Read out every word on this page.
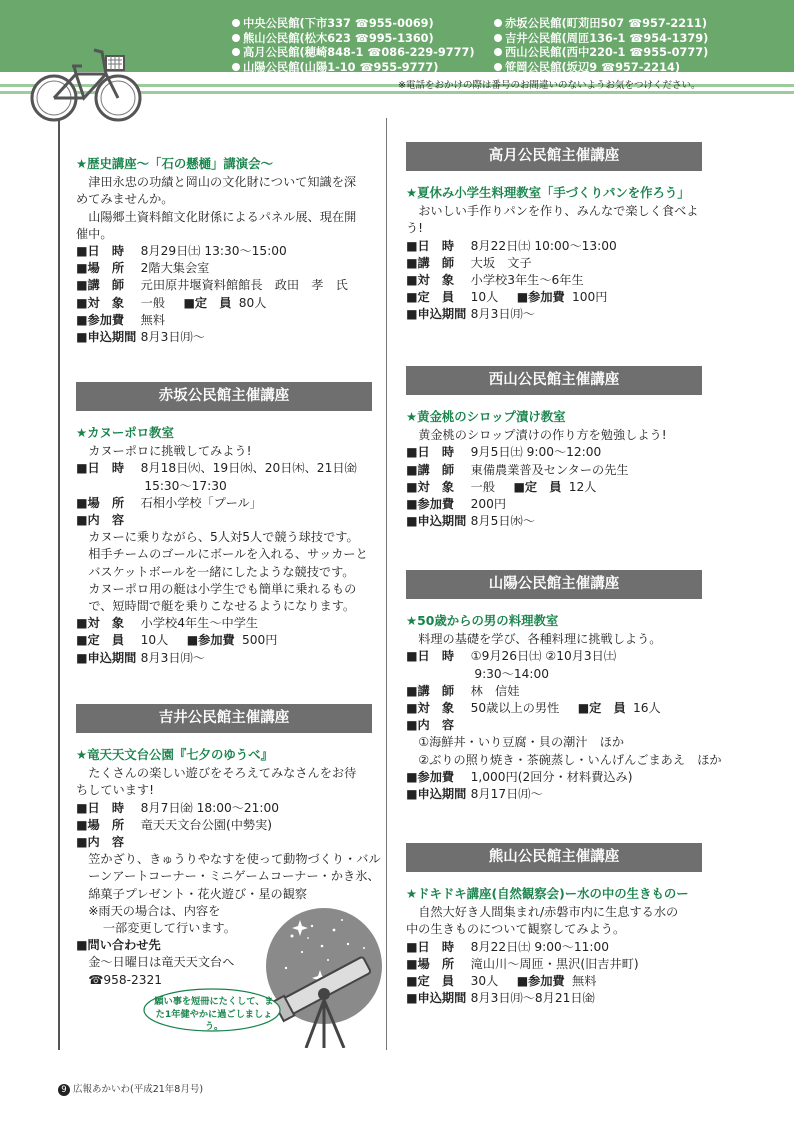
中央公民館(下市337 ☎955-0069)
熊山公民館(松木623 ☎995-1360)
高月公民館(穂崎848-1 ☎086-229-9777)
山陽公民館(山陽1-10 ☎955-9777)
赤坂公民館(町苅田507 ☎957-2211)
吉井公民館(周匝136-1 ☎954-1379)
西山公民館(西中220-1 ☎955-0777)
笹岡公民館(坂辺9 ☎957-2214)
※電話をおかけの際は番号のお間違いのないようお気をつけください。
★歴史講座～「石の懸樋」講演会～
津田永忠の功績と岡山の文化財について知識を深
めてみませんか。
山陽郷土資料館文化財係によるパネル展、現在開
催中。
■日　時 8月29日㈯ 13:30～15:00
■場　所 2階大集会室
■講　師 元田原井堰資料館館長　政田　孝　氏
■対　象 一般 ■定　員 80人
■参加費 無料
■申込期間 8月3日㈪～
赤坂公民館主催講座
★カヌーポロ教室
カヌーポロに挑戦してみよう!
■日　時 8月18日㈫、19日㈬、20日㈭、21日㈮
15:30～17:30
■場　所 石相小学校「プール」
■内　容
カヌーに乗りながら、5人対5人で競う球技です。
相手チームのゴールにボールを入れる、サッカーと
バスケットボールを一緒にしたような競技です。
カヌーポロ用の艇は小学生でも簡単に乗れるもの
で、短時間で艇を乗りこなせるようになります。
■対　象 小学校4年生～中学生
■定　員 10人 ■参加費 500円
■申込期間 8月3日㈪～
吉井公民館主催講座
★竜天天文台公園『七夕のゆうべ』
たくさんの楽しい遊びをそろえてみなさんをお待
ちしています!
■日　時 8月7日㈮ 18:00～21:00
■場　所 竜天天文台公園(中勢実)
■内　容
笠かざり、きゅうりやなすを使って動物づくり・バル
ーンアートコーナー・ミニゲームコーナー・かき氷、
綿菓子プレゼント・花火遊び・星の観察
※雨天の場合は、内容を
一部変更して行います。
■問い合わせ先
金～日曜日は竜天天文台へ
☎958-2321
願い事を短冊にたくして、また1年健やかに過ごしましょう。
高月公民館主催講座
★夏休み小学生料理教室「手づくりパンを作ろう」
おいしい手作りパンを作り、みんなで楽しく食べよ
う!
■日　時 8月22日㈯ 10:00～13:00
■講　師 大坂　文子
■対　象 小学校3年生～6年生
■定　員 10人 ■参加費 100円
■申込期間 8月3日㈪～
西山公民館主催講座
★黄金桃のシロップ漬け教室
黄金桃のシロップ漬けの作り方を勉強しよう!
■日　時 9月5日㈯ 9:00～12:00
■講　師 東備農業普及センターの先生
■対　象 一般 ■定　員 12人
■参加費 200円
■申込期間 8月5日㈬～
山陽公民館主催講座
★50歳からの男の料理教室
料理の基礎を学び、各種料理に挑戦しよう。
■日　時 ①9月26日㈯ ②10月3日㈯
9:30～14:00
■講　師 林　信娃
■対　象 50歳以上の男性 ■定　員 16人
■内　容
①海鮮丼・いり豆腐・貝の潮汁　ほか
②ぶりの照り焼き・茶碗蒸し・いんげんごまあえ　ほか
■参加費 1,000円(2回分・材料費込み)
■申込期間 8月17日㈪～
熊山公民館主催講座
★ドキドキ講座(自然観察会)ー水の中の生きものー
自然大好き人間集まれ/赤磐市内に生息する水の
中の生きものについて観察してみよう。
■日　時 8月22日㈯ 9:00～11:00
■場　所 滝山川～周匝・黒沢(旧吉井町)
■定　員 30人 ■参加費 無料
■申込期間 8月3日㈪～8月21日㈮
9 広報あかいわ(平成21年8月号)
